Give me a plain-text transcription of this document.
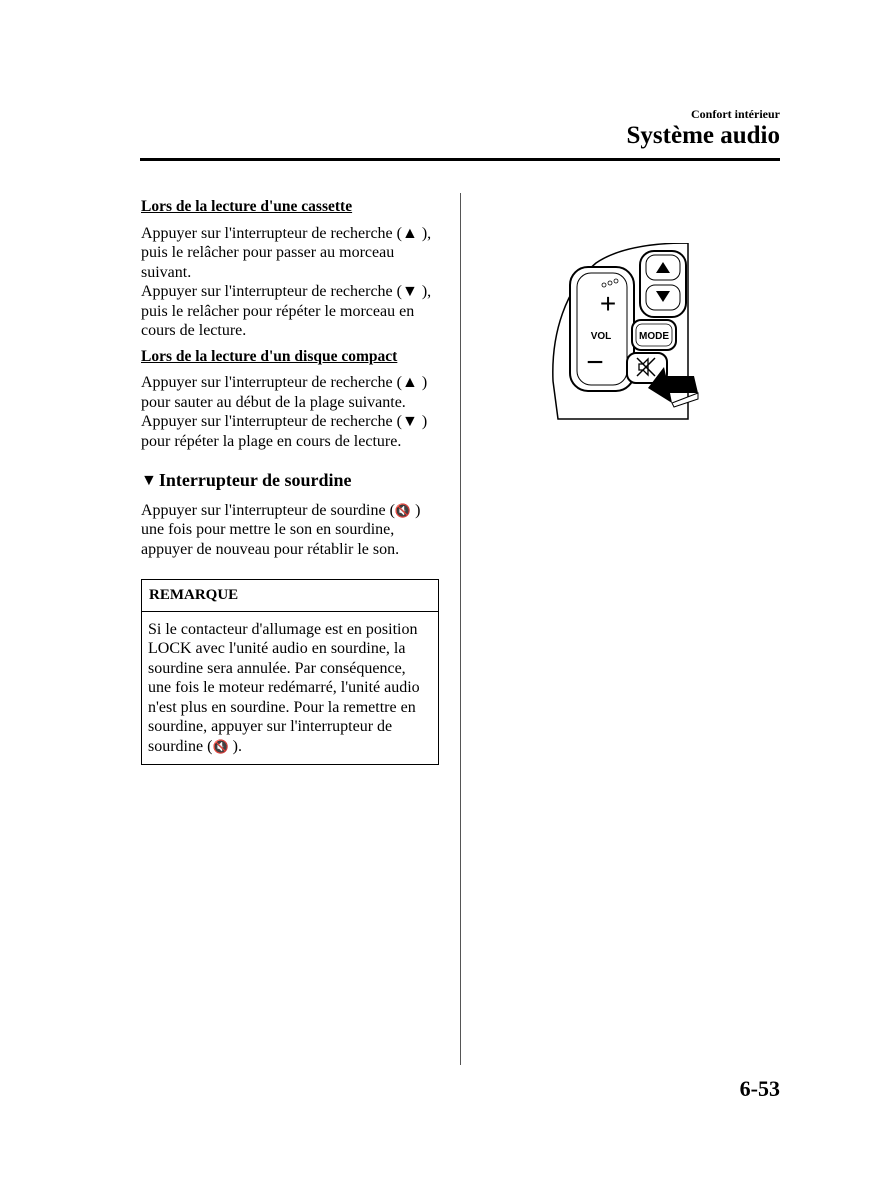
Confort intérieur
Système audio

Lors de la lecture d'une cassette

Appuyer sur l'interrupteur de recherche (▲ ), puis le relâcher pour passer au morceau suivant.

Appuyer sur l'interrupteur de recherche (▼ ), puis le relâcher pour répéter le morceau en cours de lecture.

Lors de la lecture d'un disque compact

Appuyer sur l'interrupteur de recherche (▲ ) pour sauter au début de la plage suivante.

Appuyer sur l'interrupteur de recherche (▼ ) pour répéter la plage en cours de lecture.

▼ Interrupteur de sourdine

Appuyer sur l'interrupteur de sourdine (🔇 ) une fois pour mettre le son en sourdine, appuyer de nouveau pour rétablir le son.

REMARQUE
Si le contacteur d'allumage est en position LOCK avec l'unité audio en sourdine, la sourdine sera annulée. Par conséquence, une fois le moteur redémarré, l'unité audio n'est plus en sourdine. Pour la remettre en sourdine, appuyer sur l'interrupteur de sourdine (🔇 ).
+
VOL
−
MODE
6-53
